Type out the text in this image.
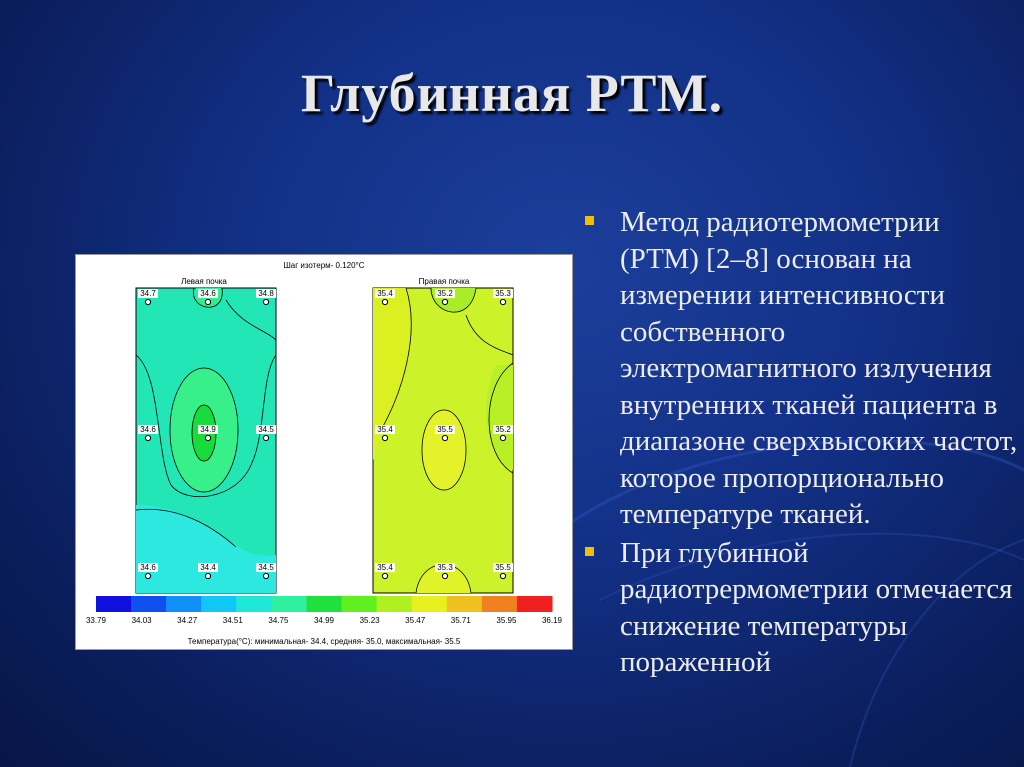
Глубинная РТМ.
Шаг изотерм- 0.120°C
Левая почка	Правая почка
34.7	34.6	34.8
34.6	34.9	34.5
34.6	34.4	34.5
35.4	35.2	35.3
35.4	35.5	35.2
35.4	35.3	35.5
33.79	34.03	34.27	34.51	34.75	34.99	35.23	35.47	35.71	35.95	36.19
Температура(°С): минимальная- 34.4, средняя- 35.0, максимальная- 35.5
Метод радиотермометрии (РТМ) [2–8] основан на измерении интенсивности собственного электромагнитного излучения внутренних тканей пациента в диапазоне сверхвысоких частот, которое пропорционально температуре тканей.
При глубинной радиотрермометрии отмечается снижение температуры пораженной
